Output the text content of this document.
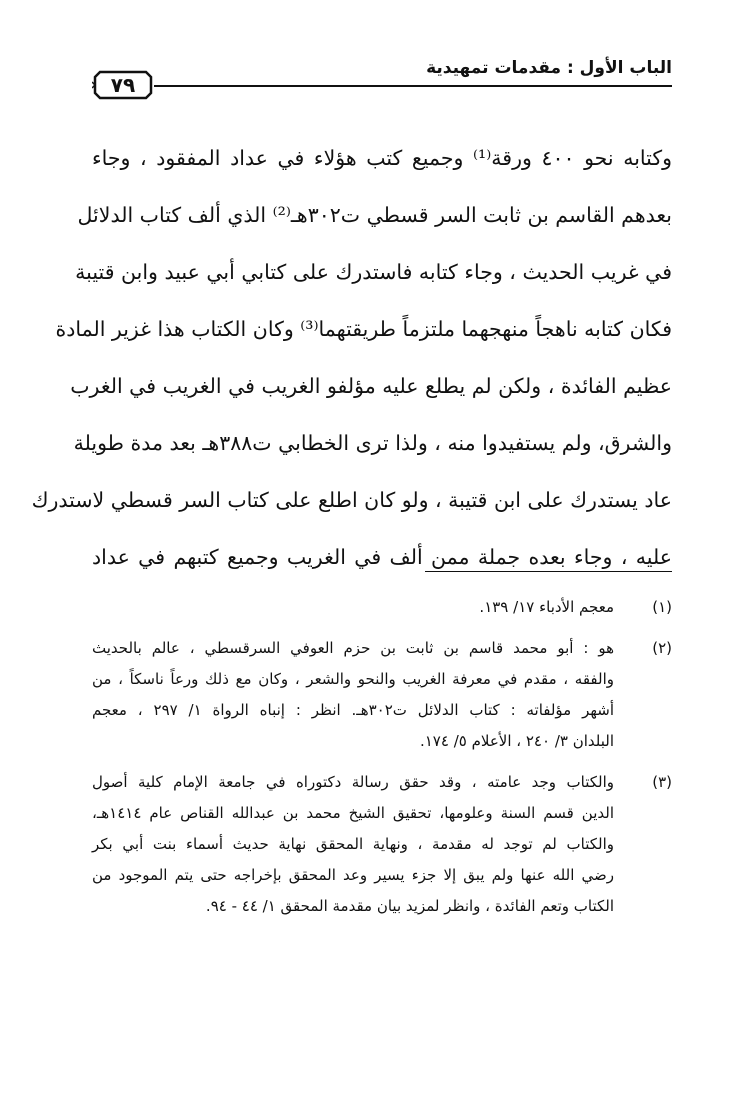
الباب الأول : مقدمات تمهيدية
٧٩
وكتابه نحو ٤٠٠ ورقة⁽¹⁾ وجميع كتب هؤلاء في عداد المفقود ، وجاء
بعدهم القاسم بن ثابت السر قسطي ت٣٠٢هـ⁽²⁾ الذي ألف كتاب الدلائل
في غريب الحديث ، وجاء كتابه فاستدرك على كتابي أبي عبيد وابن قتيبة
فكان كتابه ناهجاً منهجهما ملتزماً طريقتهما⁽³⁾ وكان الكتاب هذا غزير المادة
عظيم الفائدة ، ولكن لم يطلع عليه مؤلفو الغريب في الغريب في الغرب
والشرق، ولم يستفيدوا منه ، ولذا ترى الخطابي ت٣٨٨هـ بعد مدة طويلة
عاد يستدرك على ابن قتيبة ، ولو كان اطلع على كتاب السر قسطي لاستدرك
عليه ، وجاء بعده جملة ممن ألف في الغريب وجميع كتبهم في عداد
(١)
معجم الأدباء ١٧/ ١٣٩.
(٢)
هو : أبو محمد قاسم بن ثابت بن حزم العوفي السرقسطي ، عالم بالحديث
والفقه ، مقدم في معرفة الغريب والنحو والشعر ، وكان مع ذلك ورعاً ناسكاً ، من
أشهر مؤلفاته : كتاب الدلائل ت٣٠٢هـ. انظر : إنباه الرواة ١/ ٢٩٧ ، معجم
البلدان ٣/ ٢٤٠ ، الأعلام ٥/ ١٧٤.
(٣)
والكتاب وجد عامته ، وقد حقق رسالة دكتوراه في جامعة الإمام كلية أصول
الدين قسم السنة وعلومها، تحقيق الشيخ محمد بن عبدالله القناص عام ١٤١٤هـ،
والكتاب لم توجد له مقدمة ، ونهاية المحقق نهاية حديث أسماء بنت أبي بكر
رضي الله عنها ولم يبق إلا جزء يسير وعد المحقق بإخراجه حتى يتم الموجود من
الكتاب وتعم الفائدة ، وانظر لمزيد بيان مقدمة المحقق ١/ ٤٤ - ٩٤.
